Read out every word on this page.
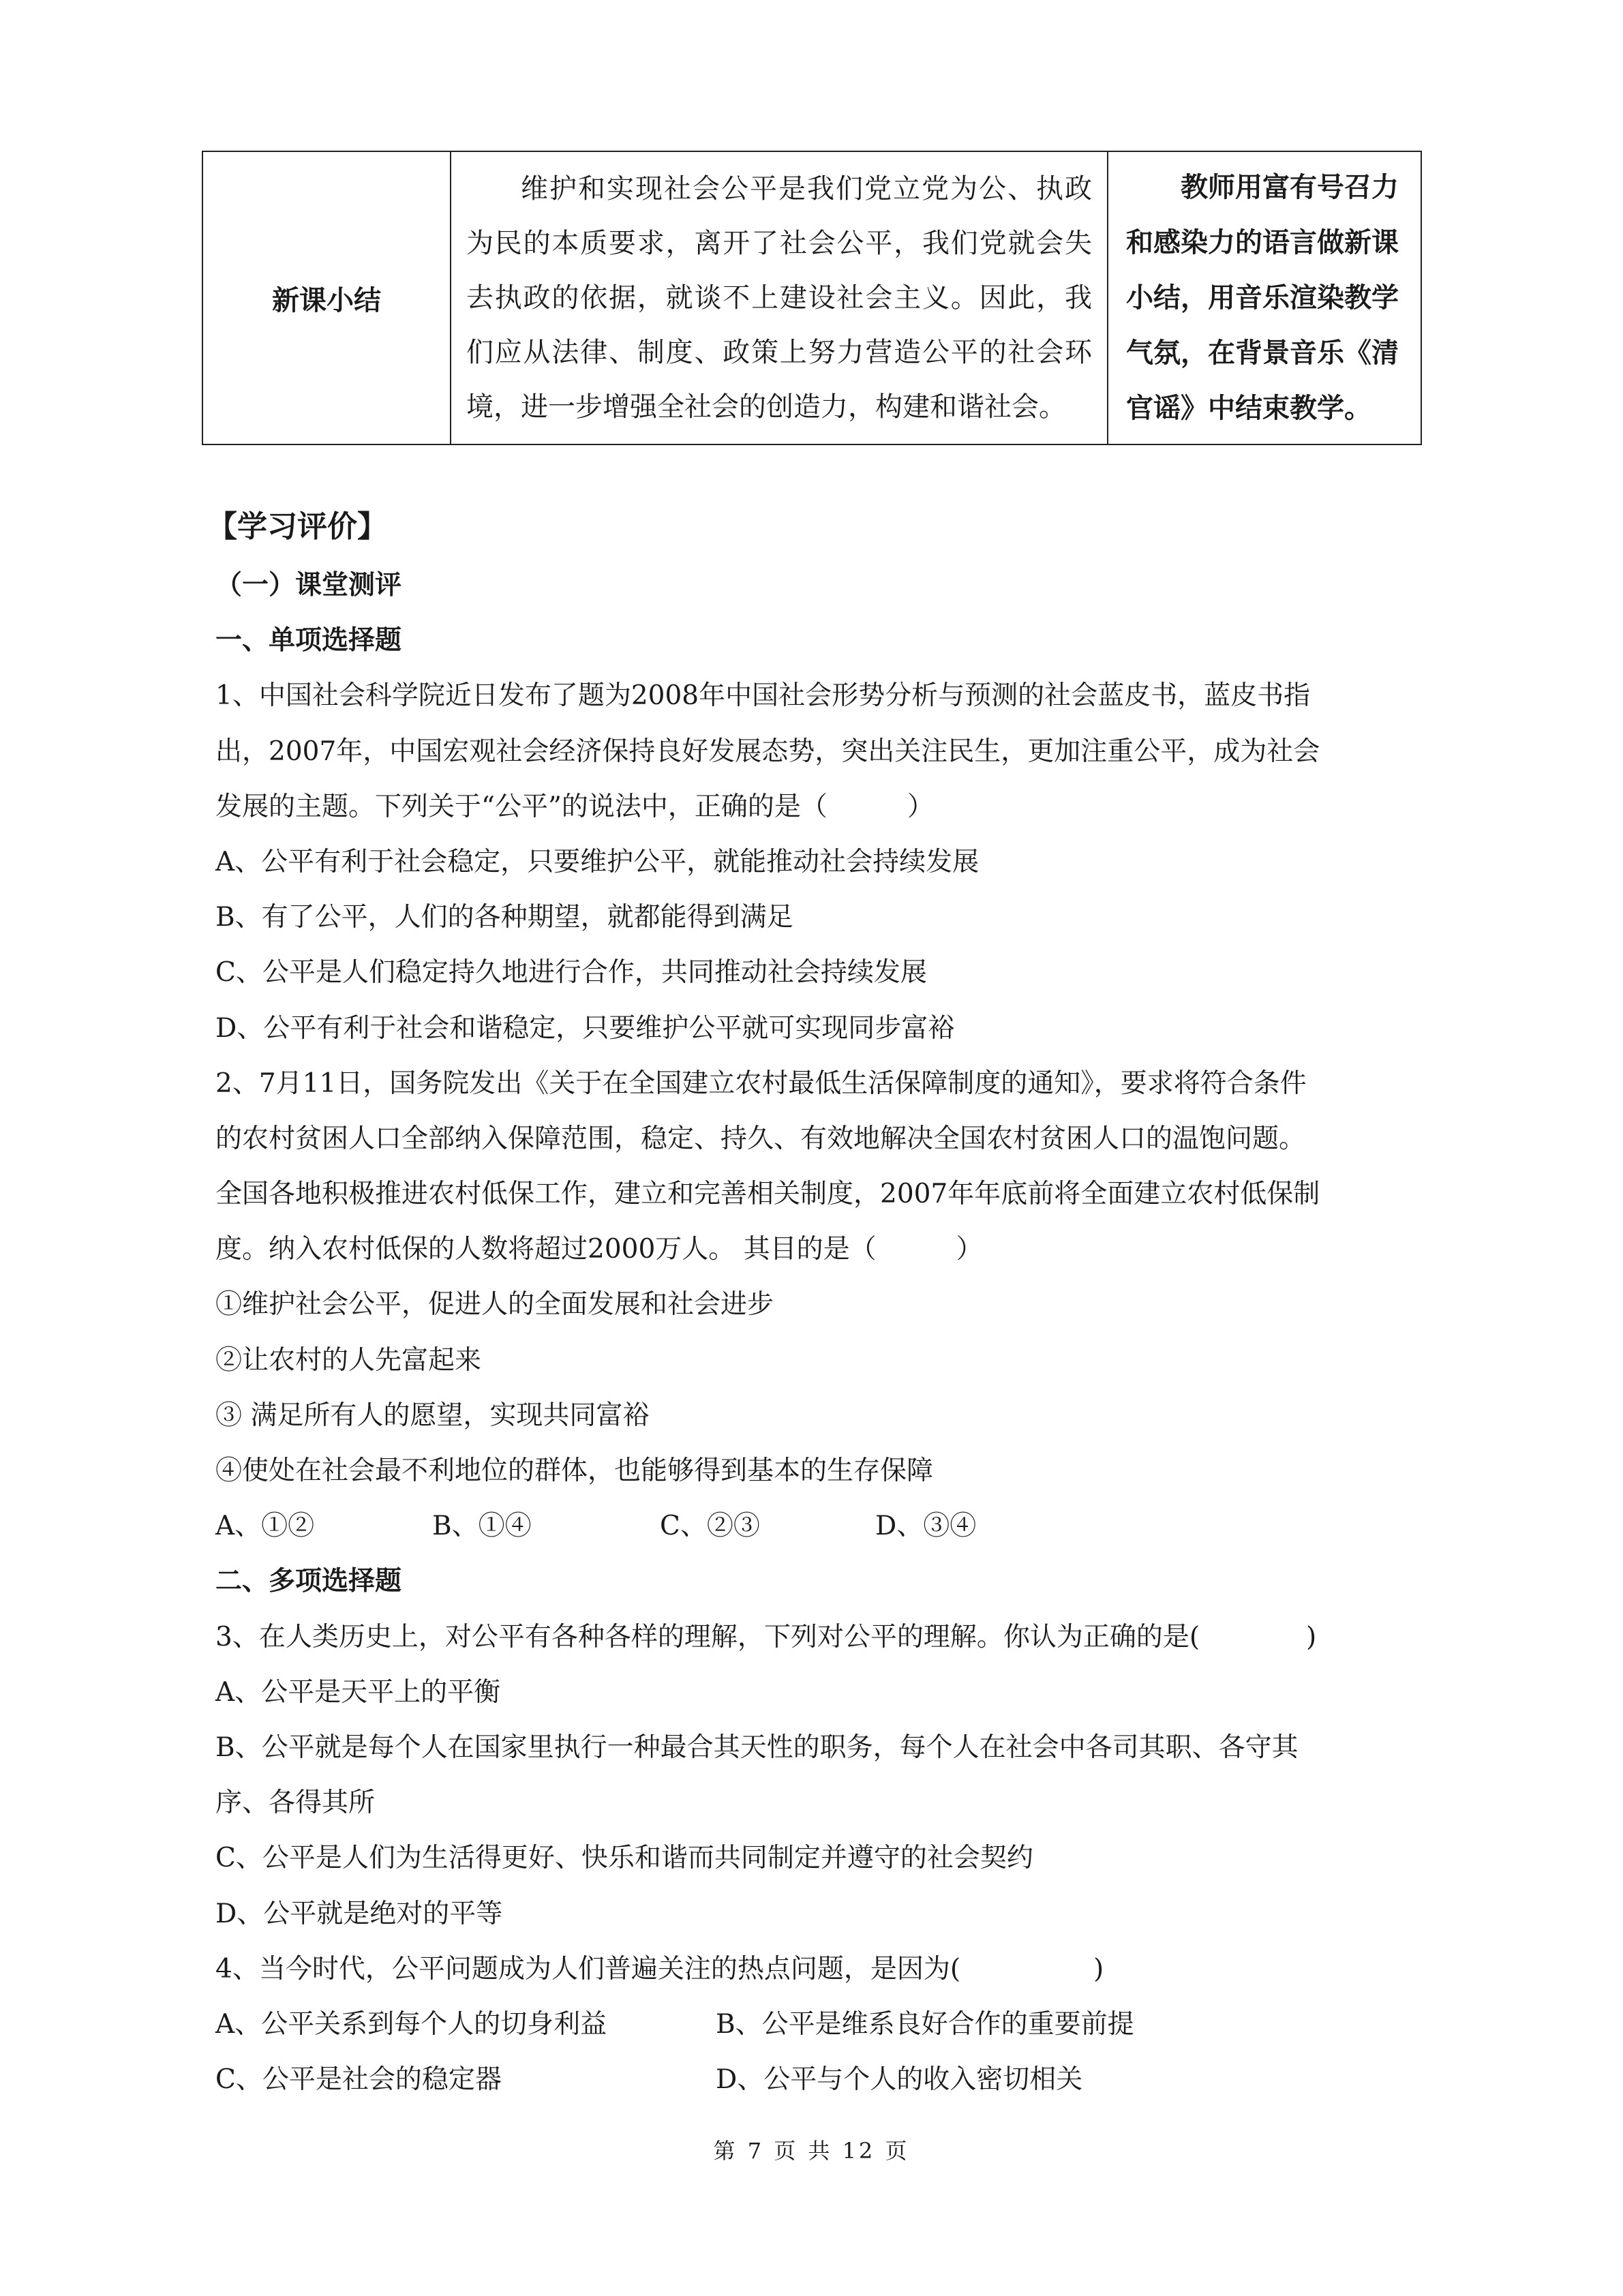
新课小结	维护和实现社会公平是我们党立党为公、执政为民的本质要求，离开了社会公平，我们党就会失去执政的依据，就谈不上建设社会主义。因此，我们应从法律、制度、政策上努力营造公平的社会环境，进一步增强全社会的创造力，构建和谐社会。	教师用富有号召力和感染力的语言做新课小结，用音乐渲染教学气氛，在背景音乐《清官谣》中结束教学。
【学习评价】
（一）课堂测评
一、单项选择题
1、中国社会科学院近日发布了题为2008年中国社会形势分析与预测的社会蓝皮书，蓝皮书指
出，2007年，中国宏观社会经济保持良好发展态势，突出关注民生，更加注重公平，成为社会
发展的主题。下列关于“公平”的说法中，正确的是（　　　）
A、公平有利于社会稳定，只要维护公平，就能推动社会持续发展
B、有了公平，人们的各种期望，就都能得到满足
C、公平是人们稳定持久地进行合作，共同推动社会持续发展
D、公平有利于社会和谐稳定，只要维护公平就可实现同步富裕
2、7月11日，国务院发出《关于在全国建立农村最低生活保障制度的通知》，要求将符合条件
的农村贫困人口全部纳入保障范围，稳定、持久、有效地解决全国农村贫困人口的温饱问题。
全国各地积极推进农村低保工作，建立和完善相关制度，2007年年底前将全面建立农村低保制
度。纳入农村低保的人数将超过2000万人。 其目的是（　　　）
①维护社会公平，促进人的全面发展和社会进步
②让农村的人先富起来
③ 满足所有人的愿望，实现共同富裕
④使处在社会最不利地位的群体，也能够得到基本的生存保障
A、①②	B、①④	C、②③	D、③④
二、多项选择题
3、在人类历史上，对公平有各种各样的理解，下列对公平的理解。你认为正确的是(　　　　)
A、公平是天平上的平衡
B、公平就是每个人在国家里执行一种最合其天性的职务，每个人在社会中各司其职、各守其
序、各得其所
C、公平是人们为生活得更好、快乐和谐而共同制定并遵守的社会契约
D、公平就是绝对的平等
4、当今时代，公平问题成为人们普遍关注的热点问题，是因为(　　　　　)
A、公平关系到每个人的切身利益	B、公平是维系良好合作的重要前提
C、公平是社会的稳定器	D、公平与个人的收入密切相关
第 7 页 共 12 页
